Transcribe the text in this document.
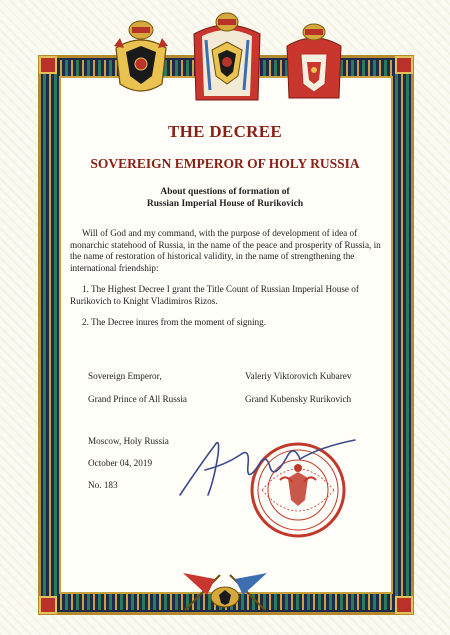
THE DECREE
SOVEREIGN EMPEROR OF HOLY RUSSIA
About questions of formation of
Russian Imperial House of Rurikovich

Will of God and my command, with the purpose of development of idea of monarchic statehood of Russia, in the name of the peace and prosperity of Russia, in the name of restoration of historical validity, in the name of strengthening the international friendship:

1. The Highest Decree I grant the Title Count of Russian Imperial House of Rurikovich to Knight Vladimiros Rizos.

2. The Decree inures from the moment of signing.

Sovereign Emperor,
Grand Prince of All Russia
Valeriy Viktorovich Kubarev
Grand Kubensky Rurikovich
Moscow, Holy Russia
October 04, 2019
No. 183
